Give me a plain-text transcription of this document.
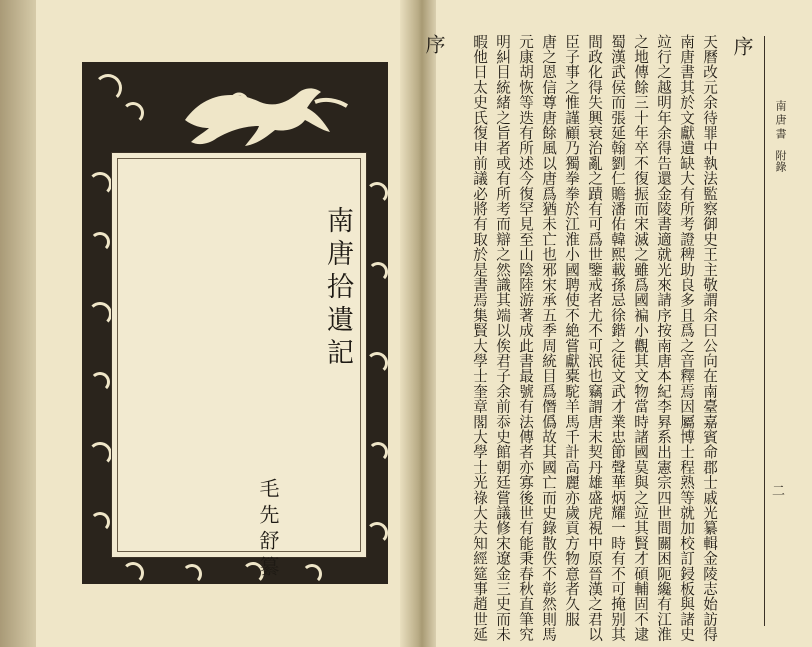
南唐拾遺記
毛先舒纂
序	序
南唐書
附錄
二
天曆改元余待罪中執法監察御史王主敬謂余曰公向在南臺嘉賓命郡士戚光纂輯金陵志始訪得
南唐書其於文獻遺缺大有所考證稗助良多且爲之音釋焉因屬博士程熟等就加校訂鋟板與諸史
竝行之越明年余得告還金陵書適就光來請序按南唐本紀李昪系出憲宗四世間關困阨纔有江淮
之地傳餘三十年卒不復振而宋滅之雖爲國褊小觀其文物當時諸國莫與之竝其賢才碩輔固不逮
蜀漢武侯而張延翰劉仁贍潘佑韓熙載孫忌徐鍇之徒文武才業忠節聲華炳耀一時有不可掩别其
間政化得失興衰治亂之蹟有可爲世鑒戒者尤不可泯也竊謂唐末契丹雄盛虎視中原晉漢之君以
臣子事之惟謹顧乃獨拳拳於江淮小國聘使不絶嘗獻橐駝羊馬千計高麗亦歲貢方物意者久服
唐之恩信尊唐餘風以唐爲猶未亡也邪宋承五季周統目爲僭僞故其國亡而史錄散佚不彰然則馬
元康胡恢等迭有所述今復罕見至山陰陸游著成此書最號有法傳者亦寡後世有能秉春秋直筆究
明糾目統緒之旨者或有所考而辯之然識其端以俟君子余前忝史館朝廷嘗議修宋遼金三史而未
暇他日太史氏復申前議必將有取於是書焉集賢大學士奎章閣大學士光祿大夫知經筵事趙世延
